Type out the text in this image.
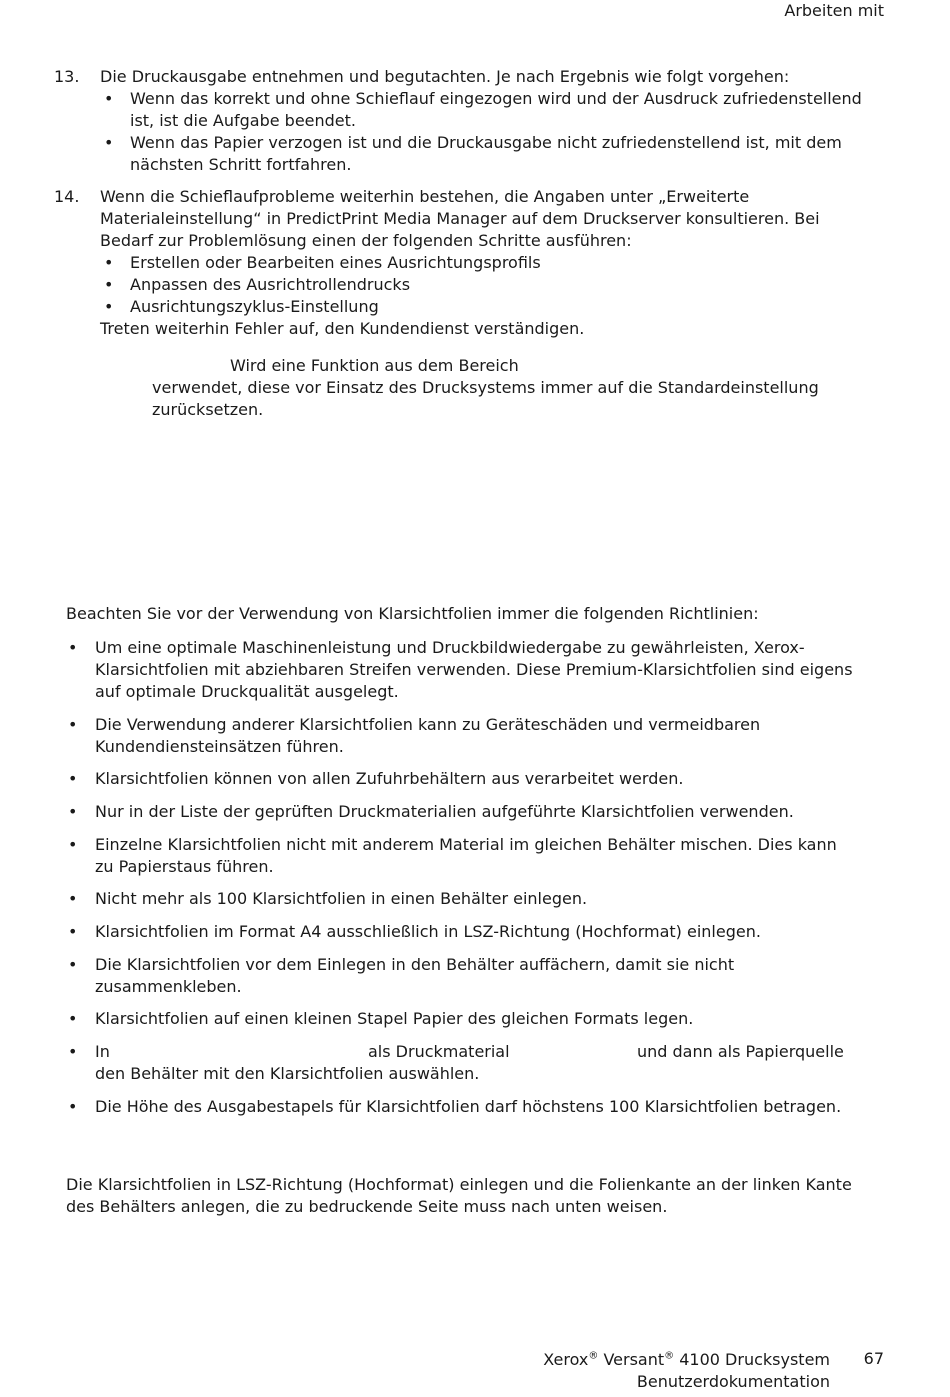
Arbeiten mit
13.	Die Druckausgabe entnehmen und begutachten. Je nach Ergebnis wie folgt vorgehen:
•	Wenn das korrekt und ohne Schieflauf eingezogen wird und der Ausdruck zufriedenstellend
ist, ist die Aufgabe beendet.
•	Wenn das Papier verzogen ist und die Druckausgabe nicht zufriedenstellend ist, mit dem
nächsten Schritt fortfahren.
14.	Wenn die Schieflaufprobleme weiterhin bestehen, die Angaben unter „Erweiterte
Materialeinstellung“ in PredictPrint Media Manager auf dem Druckserver konsultieren. Bei
Bedarf zur Problemlösung einen der folgenden Schritte ausführen:
•	Erstellen oder Bearbeiten eines Ausrichtungsprofils
•	Anpassen des Ausrichtrollendrucks
•	Ausrichtungszyklus-Einstellung
Treten weiterhin Fehler auf, den Kundendienst verständigen.
Wird eine Funktion aus dem Bereich
verwendet, diese vor Einsatz des Drucksystems immer auf die Standardeinstellung
zurücksetzen.
Beachten Sie vor der Verwendung von Klarsichtfolien immer die folgenden Richtlinien:
•	Um eine optimale Maschinenleistung und Druckbildwiedergabe zu gewährleisten, Xerox-
Klarsichtfolien mit abziehbaren Streifen verwenden. Diese Premium-Klarsichtfolien sind eigens
auf optimale Druckqualität ausgelegt.
•	Die Verwendung anderer Klarsichtfolien kann zu Geräteschäden und vermeidbaren
Kundendiensteinsätzen führen.
•	Klarsichtfolien können von allen Zufuhrbehältern aus verarbeitet werden.
•	Nur in der Liste der geprüften Druckmaterialien aufgeführte Klarsichtfolien verwenden.
•	Einzelne Klarsichtfolien nicht mit anderem Material im gleichen Behälter mischen. Dies kann
zu Papierstaus führen.
•	Nicht mehr als 100 Klarsichtfolien in einen Behälter einlegen.
•	Klarsichtfolien im Format A4 ausschließlich in LSZ-Richtung (Hochformat) einlegen.
•	Die Klarsichtfolien vor dem Einlegen in den Behälter auffächern, damit sie nicht
zusammenkleben.
•	Klarsichtfolien auf einen kleinen Stapel Papier des gleichen Formats legen.
•	In	als Druckmaterial	und dann als Papierquelle
den Behälter mit den Klarsichtfolien auswählen.
•	Die Höhe des Ausgabestapels für Klarsichtfolien darf höchstens 100 Klarsichtfolien betragen.
Die Klarsichtfolien in LSZ-Richtung (Hochformat) einlegen und die Folienkante an der linken Kante
des Behälters anlegen, die zu bedruckende Seite muss nach unten weisen.
Xerox® Versant® 4100 Drucksystem
Benutzerdokumentation
67
